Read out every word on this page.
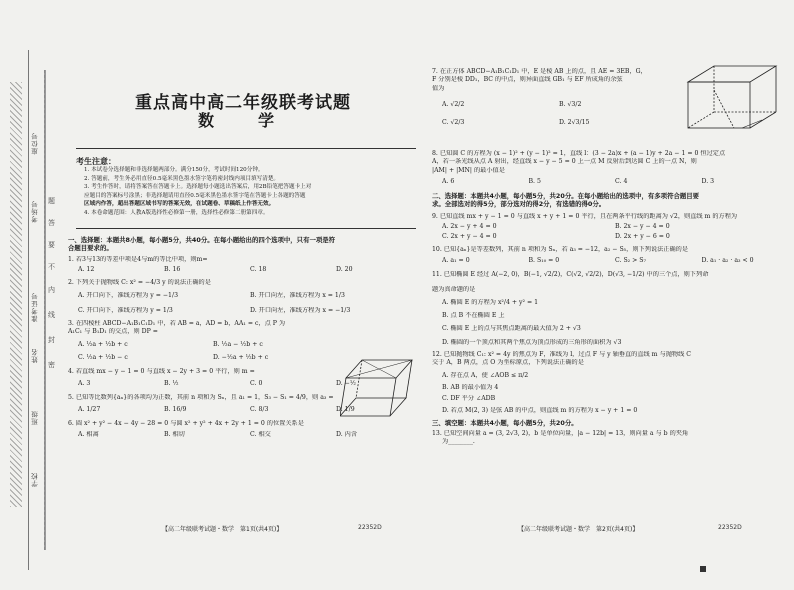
学校
班级
姓名
准考证号
考场号
座位号
密
封
线
内
不
要
答
题
重点高中高二年级联考试题
数　学
考生注意：
1. 本试卷分选择题和非选择题两部分。满分150分，考试时间120分钟。
2. 答题前，考生务必用直径0.5毫米黑色墨水签字笔将密封线内项目填写清楚。
3. 考生作答时，请将答案答在答题卡上。选择题每小题选出答案后，用2B铅笔把答题卡上对
应题目的答案标号涂黑；非选择题请用直径0.5毫米黑色墨水签字笔在答题卡上各题的答题
区域内作答，超出答题区域书写的答案无效，在试题卷、草稿纸上作答无效。
4. 本卷命题范围：人教A版选择性必修第一册，选择性必修第二册第四章。
一、选择题：本题共8小题，每小题5分，共40分。在每小题给出的四个选项中，只有一项是符
合题目要求的。
1. 若3与13的等差中项是4与m的等比中项，则m=
A. 12	B. 16	C. 18	D. 20
2. 下列关于抛物线 C: x² = −4/3 y 的说法正确的是
A. 开口向下，准线方程为 y = −1/3	B. 开口向左，准线方程为 x = 1/3
C. 开口向下，准线方程为 y = 1/3	D. 开口向左，准线方程为 x = −1/3
3. 在四棱柱 ABCD−A₁B₁C₁D₁ 中，若 AB = a，AD = b，AA₁ = c，点 P 为
A₁C₁ 与 B₁D₁ 的交点，则 DP =
A. ½a + ½b + c	B. ½a − ½b + c
C. ½a + ½b − c	D. −½a + ½b + c
4. 若直线 mx − y − 1 = 0 与直线 x − 2y + 3 = 0 平行，则 m =
A. 3	B. ½	C. 0	D. −½
5. 已知等比数列{aₙ}的各项均为正数，其前 n 项和为 Sₙ，且 a₁ = 1，S₃ − S₁ = 4/9，则 a₃ =
A. 1/27	B. 16/9	C. 8/3	D. 1/9
6. 圆 x² + y² − 4x − 4y − 28 = 0 与圆 x² + y² + 4x + 2y + 1 = 0 的位置关系是
A. 相离	B. 相切	C. 相交	D. 内含
【高二年级联考试题・数学　第1页(共4页)】	22352D
7. 在正方体 ABCD−A₁B₁C₁D₁ 中，E 是棱 AB 上的点，且 AE = 3EB，G，
F 分别是棱 DD₁，BC 的中点，则异面直线 GB₁ 与 EF 所成角的余弦
值为
A. √2/2	B. √3/2
C. √2/3	D. 2√3/15
8. 已知圆 C 的方程为 (x − 1)² + (y − 1)² = 1，直线 l：(3 − 2a)x + (a − 1)y + 2a − 1 = 0 恒过定点
A，若一条光线从点 A 射出，经直线 x − y − 5 = 0 上一点 M 反射后到达圆 C 上的一点 N，则
|AM| + |MN| 的最小值是
A. 6	B. 5	C. 4	D. 3
二、选择题：本题共4小题，每小题5分，共20分。在每小题给出的选项中，有多项符合题目要
求。全部选对的得5分，部分选对的得2分，有选错的得0分。
9. 已知直线 mx + y − 1 = 0 与直线 x + y + 1 = 0 平行，且在两条平行线的距离为 √2，则直线 m 的方程为
A. 2x − y + 4 = 0	B. 2x − y − 4 = 0
C. 2x + y − 4 = 0	D. 2x + y − 6 = 0
10. 已知{aₙ}是等差数列，其前 n 项和为 Sₙ，若 a₃ = −12，a₂ − S₅，则下列说法正确的是
A. a₁ = 0	B. S₁₀ = 0	C. S₂ > S₇	D. a₁ · a₂ · a₃ < 0
11. 已知椭圆 E 经过 A(−2, 0)，B(−1, √2/2)，C(√2, √2/2)，D(√3, −1/2) 中的三个点，则下列命
题为真命题的是
A. 椭圆 E 的方程为 x²/4 + y² = 1
B. 点 B 不在椭圆 E 上
C. 椭圆 E 上的点与其焦点距离的最大值为 2 + √3
D. 椭圆的一个顶点和其两个焦点为顶点形成的三角形的面积为 √3
12. 已知抛物线 C₁: x² = 4y 的焦点为 F，准线为 l，过点 F 与 y 轴垂直的直线 m 与抛物线 C
交于 A，B 两点，点 O 为坐标原点，下列说法正确的是
A. 存在点 A，使 ∠AOB ≤ π/2
B. AB 的最小值为 4
C. DF 平分 ∠ADB
D. 若点 M(2, 3) 是弦 AB 的中点，则直线 m 的方程为 x − y + 1 = 0
三、填空题：本题共4小题，每小题5分，共20分。
13. 已知空间向量 a = (3, 2√3, 2)，b 是单位向量，|a − 12b| = 13，则向量 a 与 b 的夹角
为________.
【高二年级联考试题・数学　第2页(共4页)】	22352D
